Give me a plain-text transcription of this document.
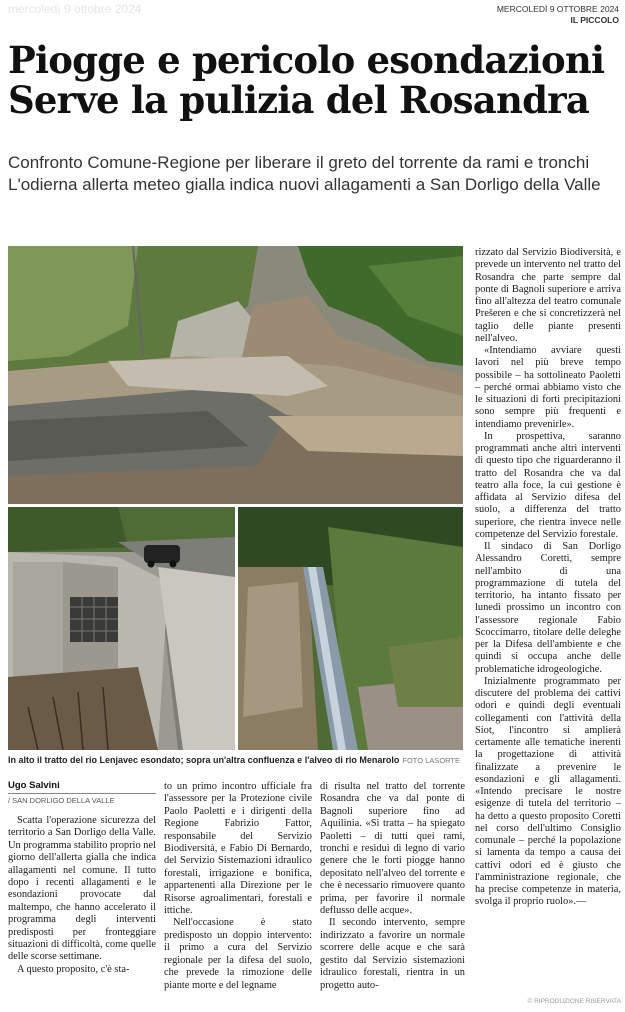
mercoledì 9 ottobre 2024	MERCOLEDÌ 9 OTTOBRE 2024
IL PICCOLO
Piogge e pericolo esondazioni
Serve la pulizia del Rosandra
Confronto Comune-Regione per liberare il greto del torrente da rami e tronchi
L'odierna allerta meteo gialla indica nuovi allagamenti a San Dorligo della Valle
In alto il tratto del rio Lenjavec esondato; sopra un'altra confluenza e l'alveo di rio Menarolo FOTO LASORTE
Ugo Salvini
/ SAN DORLIGO DELLA VALLE

Scatta l'operazione sicurezza del territorio a San Dorligo della Valle. Un programma stabilito proprio nel giorno dell'allerta gialla che indica allagamenti nel comune. Il tutto dopo i recenti allagamenti e le esondazioni provocate dal maltempo, che hanno accelerato il programma degli interventi predisposti per fronteggiare situazioni di difficoltà, come quelle delle scorse settimane.

A questo proposito, c'è sta-

to un primo incontro ufficiale fra l'assessore per la Protezione civile Paolo Paoletti e i dirigenti della Regione Fabrizio Fattor, responsabile del Servizio Biodiversità, e Fabio Di Bernardo, del Servizio Sistemazioni idraulico forestali, irrigazione e bonifica, appartenenti alla Direzione per le Risorse agroalimentari, forestali e ittiche.

Nell'occasione è stato predisposto un doppio intervento: il primo a cura del Servizio regionale per la difesa del suolo, che prevede la rimozione delle piante morte e del legname

di risulta nel tratto del torrente Rosandra che va dal ponte di Bagnoli superiore fino ad Aquilinia. «Si tratta – ha spiegato Paoletti – di tutti quei rami, tronchi e residui di legno di vario genere che le forti piogge hanno depositato nell'alveo del torrente e che è necessario rimuovere quanto prima, per favorire il normale deflusso delle acque».

Il secondo intervento, sempre indirizzato a favorire un normale scorrere delle acque e che sarà gestito dal Servizio sistemazioni idraulico forestali, rientra in un progetto auto-

rizzato dal Servizio Biodiversità, e prevede un intervento nel tratto del Rosandra che parte sempre dal ponte di Bagnoli superiore e arriva fino all'altezza del teatro comunale Prešeren e che si concretizzerà nel taglio delle piante presenti nell'alveo.

«Intendiamo avviare questi lavori nel più breve tempo possibile – ha sottolineato Paoletti – perché ormai abbiamo visto che le situazioni di forti precipitazioni sono sempre più frequenti e intendiamo prevenirle».

In prospettiva, saranno programmati anche altri interventi di questo tipo che riguarderanno il tratto del Rosandra che va dal teatro alla foce, la cui gestione è affidata al Servizio difesa del suolo, a differenza del tratto superiore, che rientra invece nelle competenze del Servizio forestale.

Il sindaco di San Dorligo Alessandro Coretti, sempre nell'ambito di una programmazione di tutela del territorio, ha intanto fissato per lunedì prossimo un incontro con l'assessore regionale Fabio Scoccimarro, titolare delle deleghe per la Difesa dell'ambiente e che quindi si occupa anche delle problematiche idrogeologiche.

Inizialmente programmato per discutere del problema dei cattivi odori e quindi degli eventuali collegamenti con l'attività della Siot, l'incontro si amplierà certamente alle tematiche inerenti la progettazione di attività finalizzate a prevenire le esondazioni e gli allagamenti. «Intendo precisare le nostre esigenze di tutela del territorio – ha detto a questo proposito Coretti nel corso dell'ultimo Consiglio comunale – perché la popolazione si lamenta da tempo a causa dei cattivi odori ed è giusto che l'amministrazione regionale, che ha precise competenze in materia, svolga il proprio ruolo».—

© RIPRODUZIONE RISERVATA
